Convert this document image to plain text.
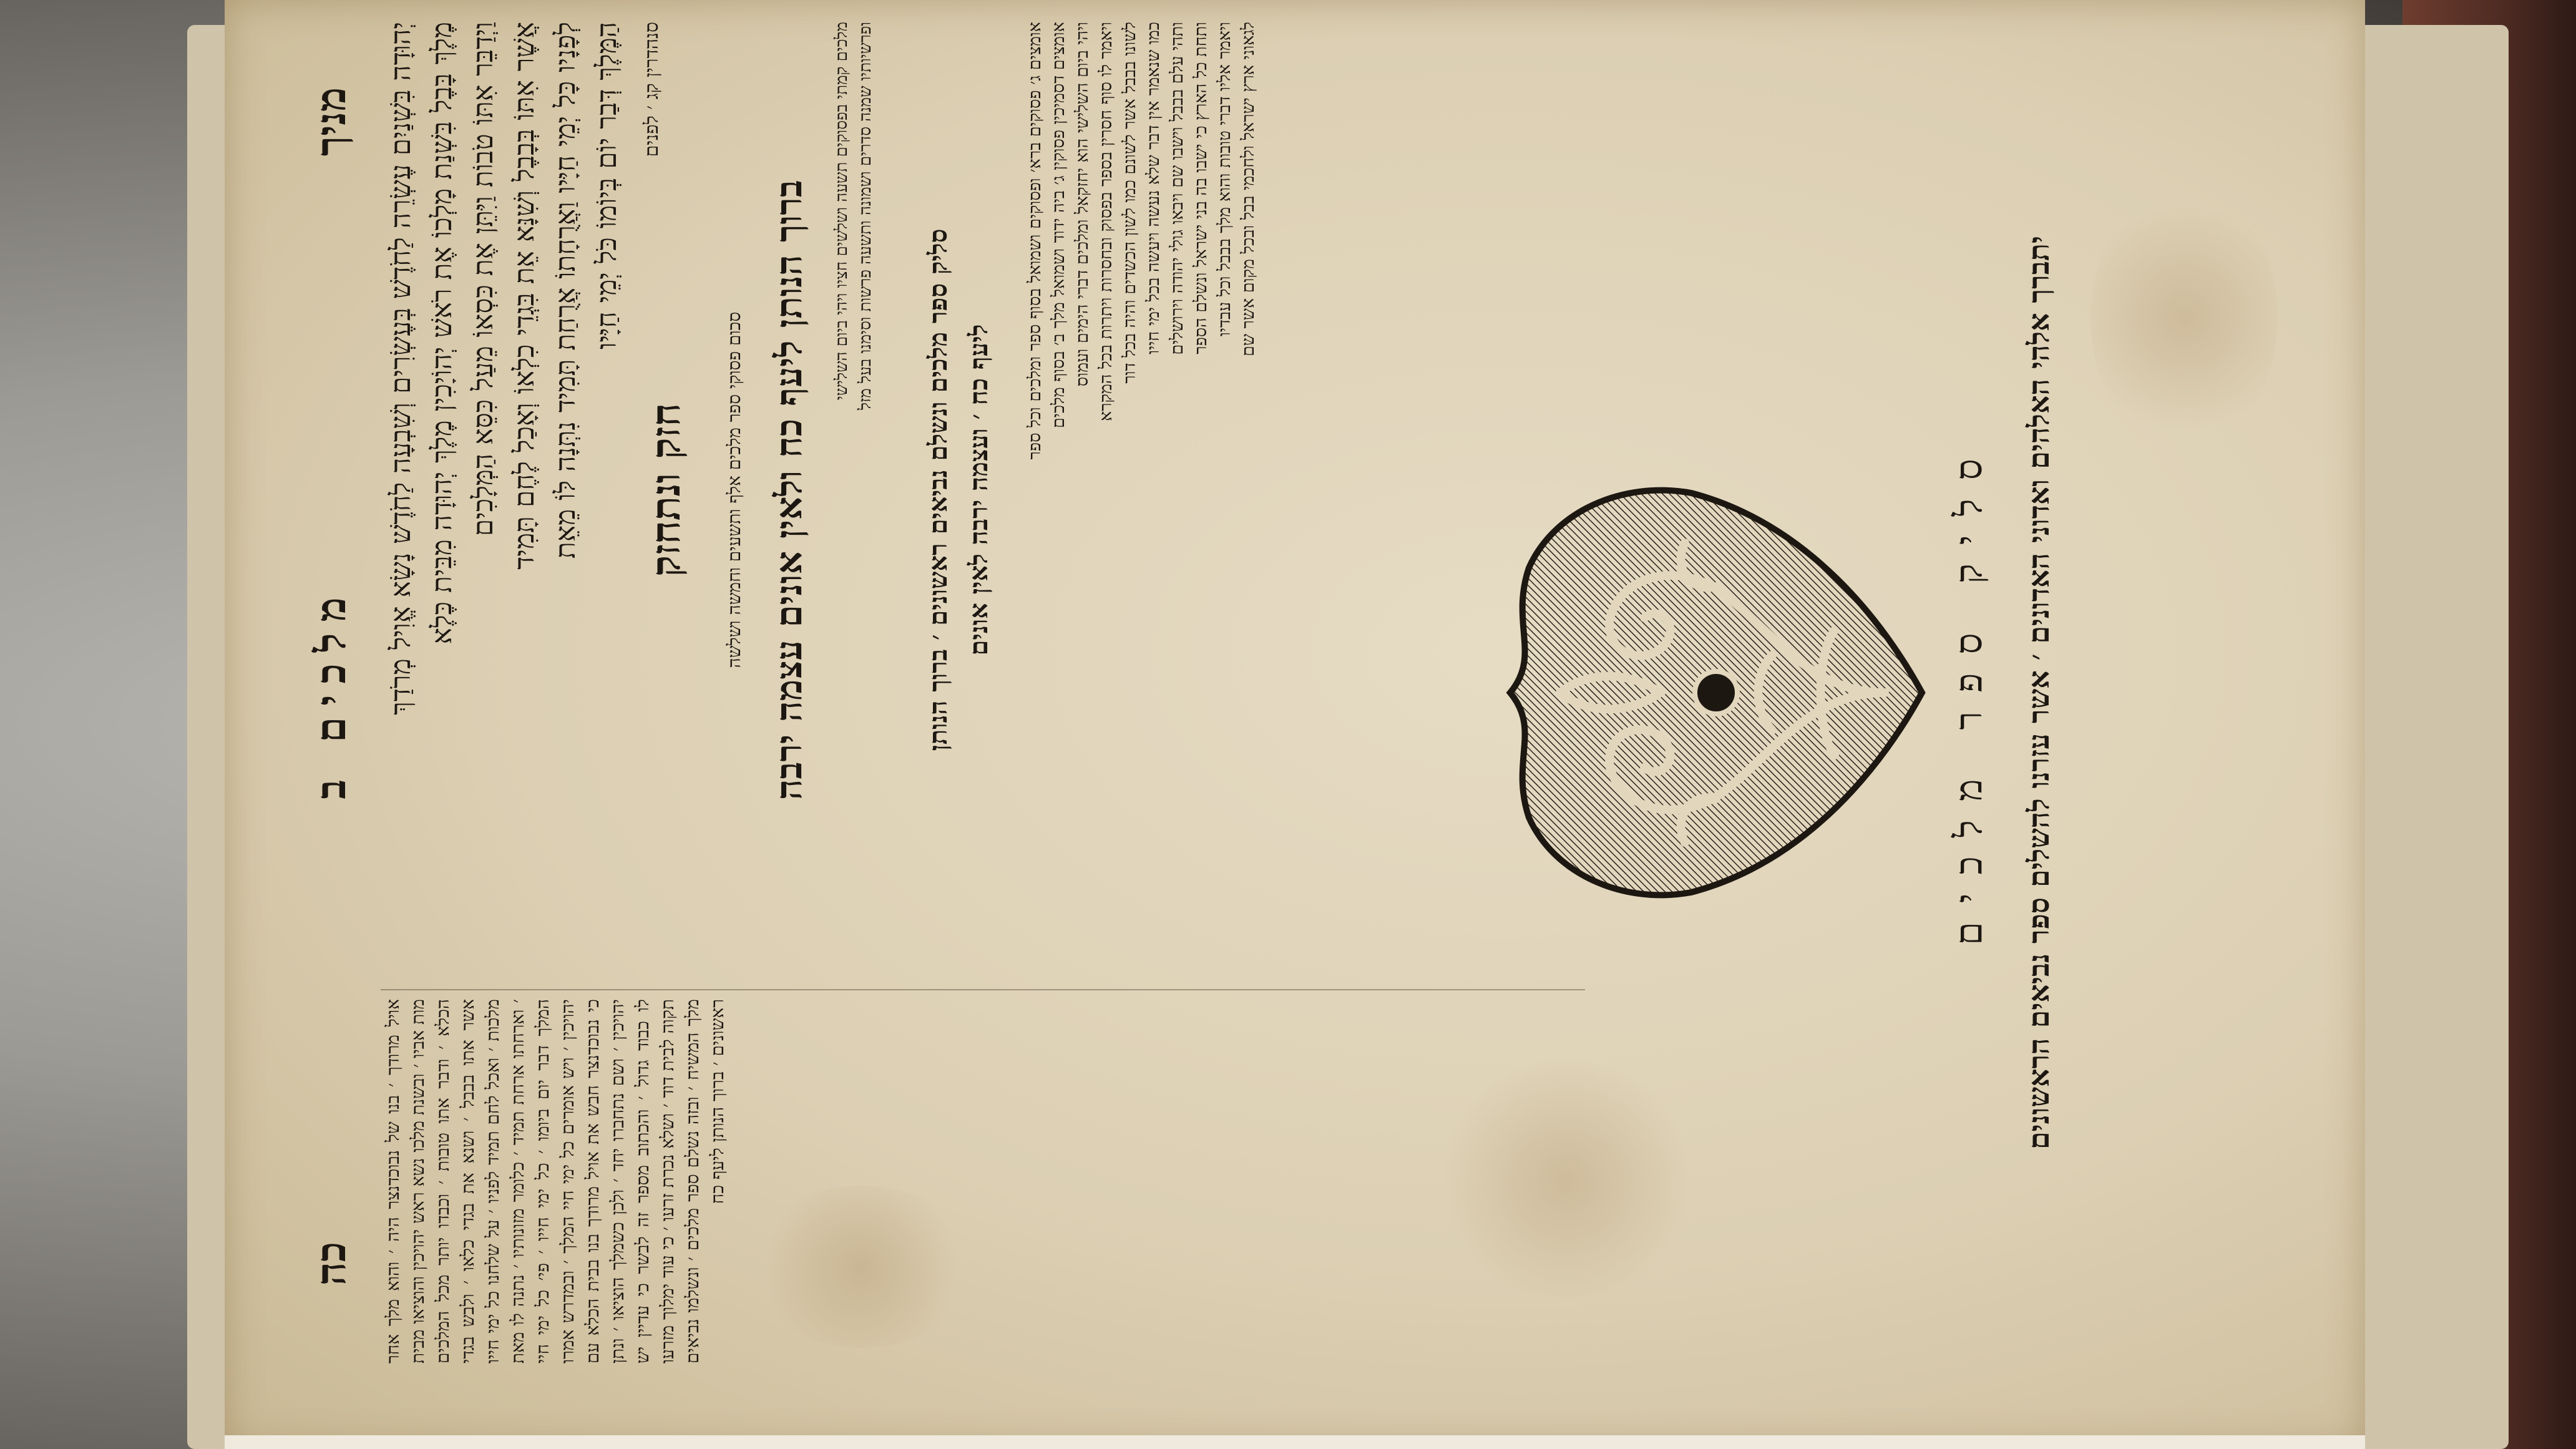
מניך
מלכים ב
כה
יְהוּדָה בִּשְׁנַיִם עֶשְׂרֵה לַחֹדֶשׁ בְּעֶשְׂרִים וְשִׁבְעָה לַחֹדֶשׁ נָשָׂא אֱוִיל מְרֹדַךְ מֶלֶךְ בָּבֶל בִּשְׁנַת מָלְכוֹ אֶת רֹאשׁ יְהוֹיָכִין מֶלֶךְ יְהוּדָה מִבֵּית כֶּלֶא וַיְדַבֵּר אִתּוֹ טֹבוֹת וַיִּתֵּן אֶת כִּסְאוֹ מֵעַל כִּסֵּא הַמְּלָכִים אֲשֶׁר אִתּוֹ בְּבָבֶל וְשִׁנָּא אֵת בִּגְדֵי כִלְאוֹ וְאָכַל לֶחֶם תָּמִיד לְפָנָיו כָּל יְמֵי חַיָּיו וַאֲרֻחָתוֹ אֲרֻחַת תָּמִיד נִתְּנָה לּוֹ מֵאֵת הַמֶּלֶךְ דְּבַר יוֹם בְּיוֹמוֹ כֹּל יְמֵי חַיָּיו סנהדרין קג ׳ לפנים
אויל מרודך ׳ בנו של נבוכדנצר היה ׳ והוא מלך אחר מות אביו ׳ ובשנת מלכו נשא ראש יהויכין והוציאו מבית הכלא ׳ ודבר אתו טובות ׳ וכבדו יותר מכל המלכים אשר אתו בבבל ׳ ושנא את בגדי כלאו ׳ ולבש בגדי מלכות ׳ ואכל לחם תמיד לפניו ׳ על שלחנו כל ימי חייו ׳ וארחתו ארחת תמיד ׳ כלומר מזונותיו ׳ נתנה לו מאת המלך דבר יום ביומו ׳ כל ימי חייו ׳ פי׳ כל ימי חיי יהויכין ׳ ויש אומרים כל ימי חיי המלך ׳ ובמדרש אמרו כי נבוכדנצר חבש את אויל מרודך בנו בבית הכלא עם יהויכין ׳ ושם נתחברו יחד ׳ ולכן כשמלך הוציאו ׳ ונתן לו כבוד גדול ׳ והכתוב מספר זה לבשר כי עדיין יש תקוה לבית דוד ׳ ושלא נכרת זרעו ׳ כי עוד ימלוך מזרעו מלך המשיח ׳ ובזה נשלם ספר מלכים ׳ ונשלמו נביאים ראשונים ׳ ברוך הנותן ליעף כח
חזק ונתחזק סכום פסוקי ספר מלכים אלף ותשעים וחמשה ושלשה ברוך הנותן ליעף כח ולאין אונים עצמה ירבה מלכים קמתי בפסוקים תשעה ושלשים חציו ויהי ביום השלישי ופרשיותיו שמנה סדרים ושמונה ותשעה פרשות וסימנו בעל מזל
סליק ספר מלכים ונשלם נביאים ראשונים ׳ ברוך הנותן ליעף כח ׳ ועצמה ירבה לאין אונים
אומצים ג׳ פסוקים ברא׳ ופסוקים ושמואל בסוף ספר ומלכים וכל ספר אומצים דסמיכין פסוקין ג׳ ביה ידוד ושמואל מלך ב׳ בסוף מלכים ויהי ביום השלישי הוא יחזקאל ומלכים דברי הימים ועמוס ויאמר לו סוף חסרין בספר בפסוק ובחסרות ויתרות בכל המקרא לשונו בבבל אשר לשונם כמו לשון הכשדים והיה בכל דור כמו שנאמר אין דבר שלא נעשה ויעשה בכל ימי חייו ותהי עלם בבבל וישבו שם ויבאו גולי יהודה וירושלים ותחת כל הארץ כי ישבו בה בני ישראל ונשלם הספר ויאמר אליו דברי טובות והוא מלך בבבל וכל עבדיו לגאוני ארץ ישראל ולחכמי בבל ובכל מקום אשר שם
סליק ספר מלכים יתברך אלהי האלהים ואדוני האדונים ׳ אשר עזרנו להשלים ספר נביאים הראשונים
